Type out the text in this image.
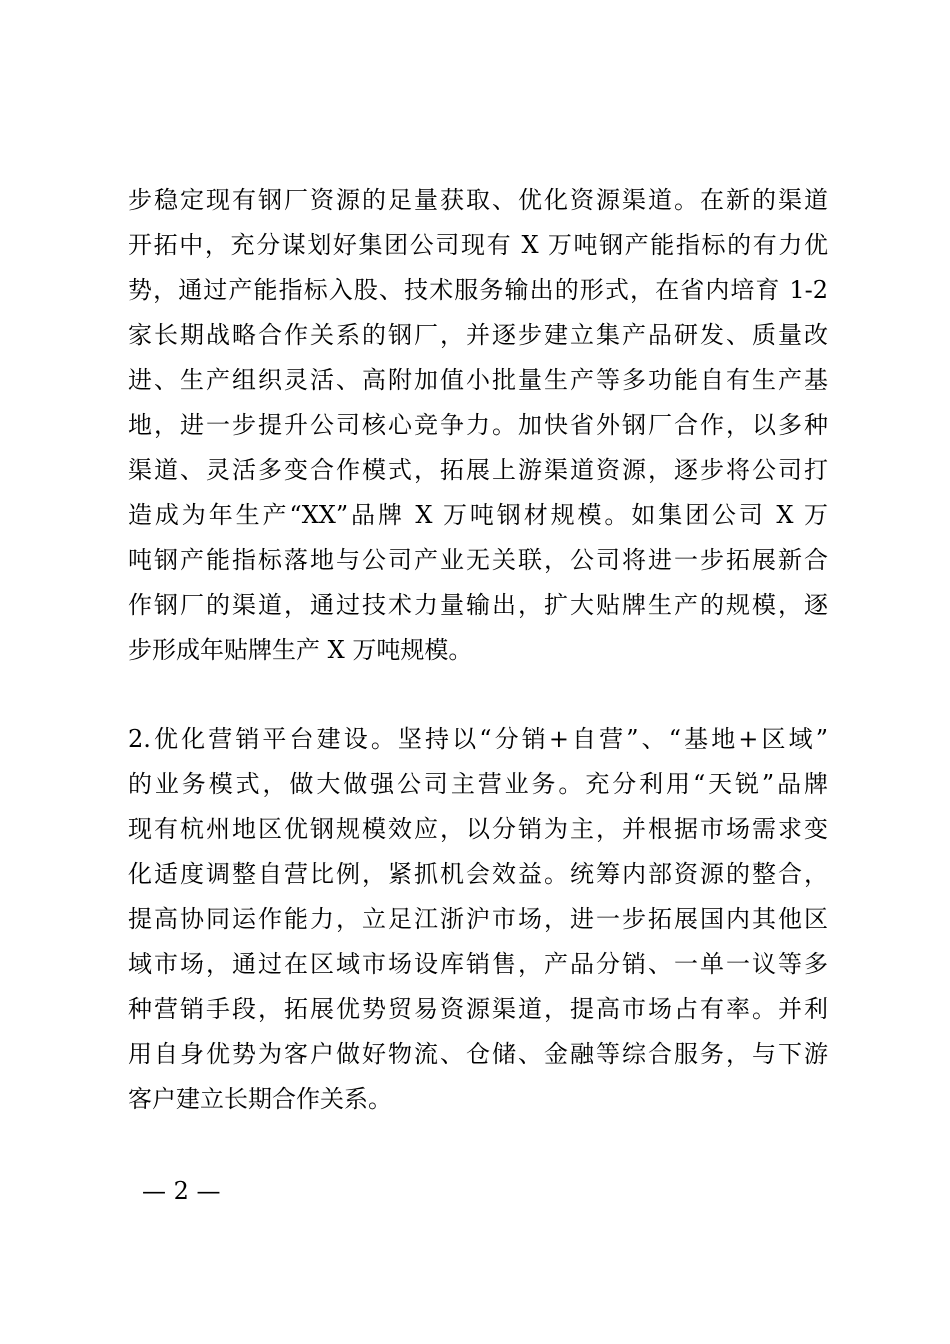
步稳定现有钢厂资源的足量获取、优化资源渠道。在新的渠道
开拓中，充分谋划好集团公司现有 X 万吨钢产能指标的有力优
势，通过产能指标入股、技术服务输出的形式，在省内培育 1-2
家长期战略合作关系的钢厂，并逐步建立集产品研发、质量改
进、生产组织灵活、高附加值小批量生产等多功能自有生产基
地，进一步提升公司核心竞争力。加快省外钢厂合作，以多种
渠道、灵活多变合作模式，拓展上游渠道资源，逐步将公司打
造成为年生产“XX”品牌 X 万吨钢材规模。如集团公司 X 万
吨钢产能指标落地与公司产业无关联，公司将进一步拓展新合
作钢厂的渠道，通过技术力量输出，扩大贴牌生产的规模，逐
步形成年贴牌生产 X 万吨规模。
2.优化营销平台建设。坚持以“分销+自营”、“基地+区域”
的业务模式，做大做强公司主营业务。充分利用“天锐”品牌
现有杭州地区优钢规模效应，以分销为主，并根据市场需求变
化适度调整自营比例，紧抓机会效益。统筹内部资源的整合，
提高协同运作能力，立足江浙沪市场，进一步拓展国内其他区
域市场，通过在区域市场设库销售，产品分销、一单一议等多
种营销手段，拓展优势贸易资源渠道，提高市场占有率。并利
用自身优势为客户做好物流、仓储、金融等综合服务，与下游
客户建立长期合作关系。
— 2 —
